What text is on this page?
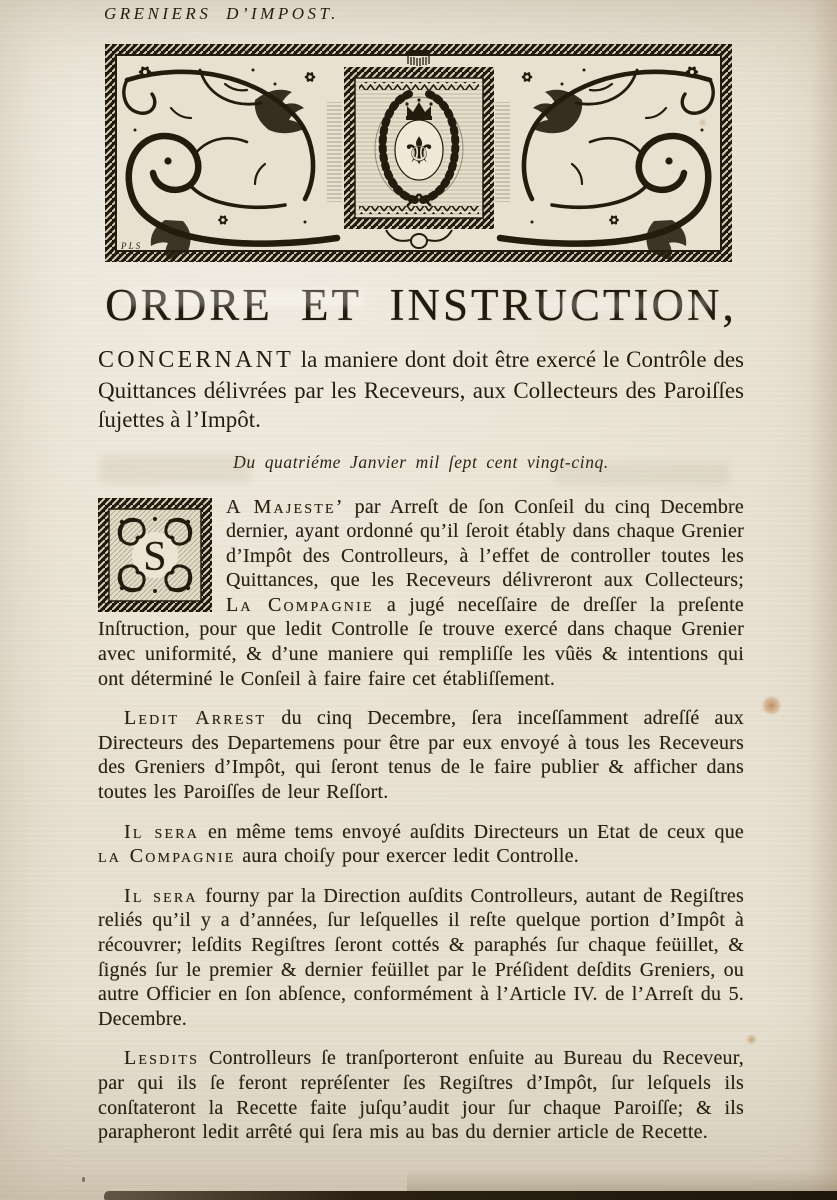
GRENIERS D’IMPOST.
⚜
P L S
ORDRE ET INSTRUCTION,

CONCERNANT la maniere dont doit être exercé le Contrôle des Quittances délivrées par les Receveurs, aux Collecteurs des Paroiſſes ſujettes à l’Impôt.

Du quatriéme Janvier mil ſept cent vingt-cinq.

S

A Majeste’ par Arreſt de ſon Conſeil du cinq Decembre dernier, ayant ordonné qu’il ſeroit étably dans chaque Grenier d’Impôt des Controlleurs, à l’effet de controller toutes les Quittances, que les Receveurs délivreront aux Collecteurs; La Compagnie a jugé neceſſaire de dreſſer la preſente Inſtruction, pour que ledit Controlle ſe trouve exercé dans chaque Grenier avec uniformité, & d’une maniere qui rempliſſe les vûës & intentions qui ont déterminé le Conſeil à faire faire cet établiſſement.

Ledit Arrest du cinq Decembre, ſera inceſſamment adreſſé aux Directeurs des Departemens pour être par eux envoyé à tous les Receveurs des Greniers d’Impôt, qui ſeront tenus de le faire publier & afficher dans toutes les Paroiſſes de leur Reſſort.

Il sera en même tems envoyé auſdits Directeurs un Etat de ceux que la Compagnie aura choiſy pour exercer ledit Controlle.

Il sera fourny par la Direction auſdits Controlleurs, autant de Regiſtres reliés qu’il y a d’années, ſur leſquelles il reſte quelque portion d’Impôt à récouvrer; leſdits Regiſtres ſeront cottés & paraphés ſur chaque feüillet, & ſignés ſur le premier & dernier feüillet par le Préſident deſdits Greniers, ou autre Officier en ſon abſence, conformément à l’Article IV. de l’Arreſt du 5. Decembre.

Lesdits Controlleurs ſe tranſporteront enſuite au Bureau du Receveur, par qui ils ſe feront repréſenter ſes Regiſtres d’Impôt, ſur leſquels ils conſtateront la Recette faite juſqu’audit jour ſur chaque Paroiſſe; & ils parapheront ledit arrêté qui ſera mis au bas du dernier article de Recette.
